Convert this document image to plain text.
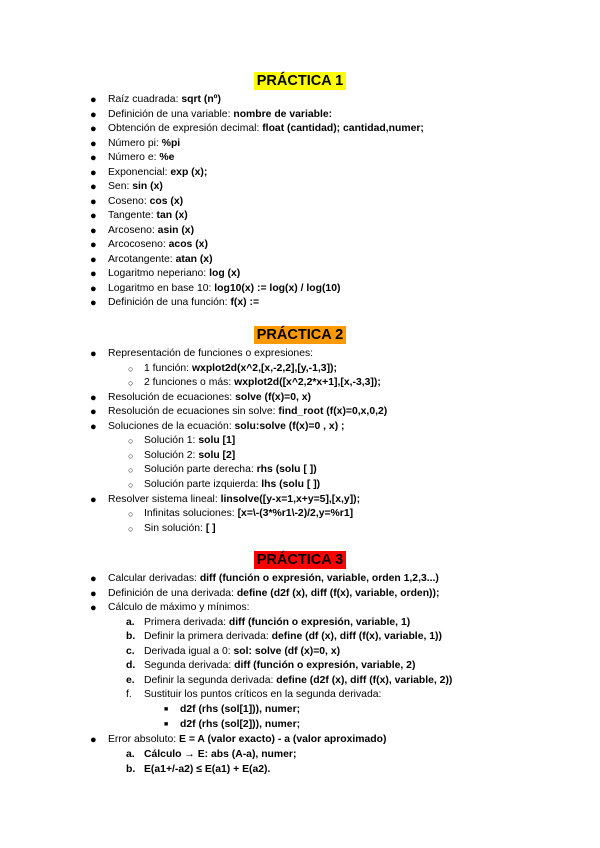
PRÁCTICA 1
● Raíz cuadrada: sqrt (nº)
● Definición de una variable: nombre de variable:
● Obtención de expresión decimal: float (cantidad); cantidad,numer;
● Número pi: %pi
● Número e: %e
● Exponencial: exp (x);
● Sen: sin (x)
● Coseno: cos (x)
● Tangente: tan (x)
● Arcoseno: asin (x)
● Arcocoseno: acos (x)
● Arcotangente: atan (x)
● Logaritmo neperiano: log (x)
● Logaritmo en base 10: log10(x) := log(x) / log(10)
● Definición de una función: f(x) :=
PRÁCTICA 2
● Representación de funciones o expresiones:
○ 1 función: wxplot2d(x^2,[x,-2,2],[y,-1,3]);
○ 2 funciones o más: wxplot2d([x^2,2*x+1],[x,-3,3]);
● Resolución de ecuaciones: solve (f(x)=0, x)
● Resolución de ecuaciones sin solve: find_root (f(x)=0,x,0,2)
● Soluciones de la ecuación: solu:solve (f(x)=0 , x) ;
○ Solución 1: solu [1]
○ Solución 2: solu [2]
○ Solución parte derecha: rhs (solu [ ])
○ Solución parte izquierda: lhs (solu [ ])
● Resolver sistema lineal: linsolve([y-x=1,x+y=5],[x,y]);
○ Infinitas soluciones: [x=\-(3*%r1\-2)/2,y=%r1]
○ Sin solución: [ ]
PRÁCTICA 3
● Calcular derivadas: diff (función o expresión, variable, orden 1,2,3...)
● Definición de una derivada: define (d2f (x), diff (f(x), variable, orden));
● Cálculo de máximo y mínimos:
a. Primera derivada: diff (función o expresión, variable, 1)
b. Definir la primera derivada: define (df (x), diff (f(x), variable, 1))
c. Derivada igual a 0: sol: solve (df (x)=0, x)
d. Segunda derivada: diff (función o expresión, variable, 2)
e. Definir la segunda derivada: define (d2f (x), diff (f(x), variable, 2))
f. Sustituir los puntos críticos en la segunda derivada:
■ d2f (rhs (sol[1])), numer;
■ d2f (rhs (sol[2])), numer;
● Error absoluto: E = A (valor exacto) - a (valor aproximado)
a. Cálculo → E: abs (A-a), numer;
b. E(a1+/-a2) ≤ E(a1) + E(a2).
